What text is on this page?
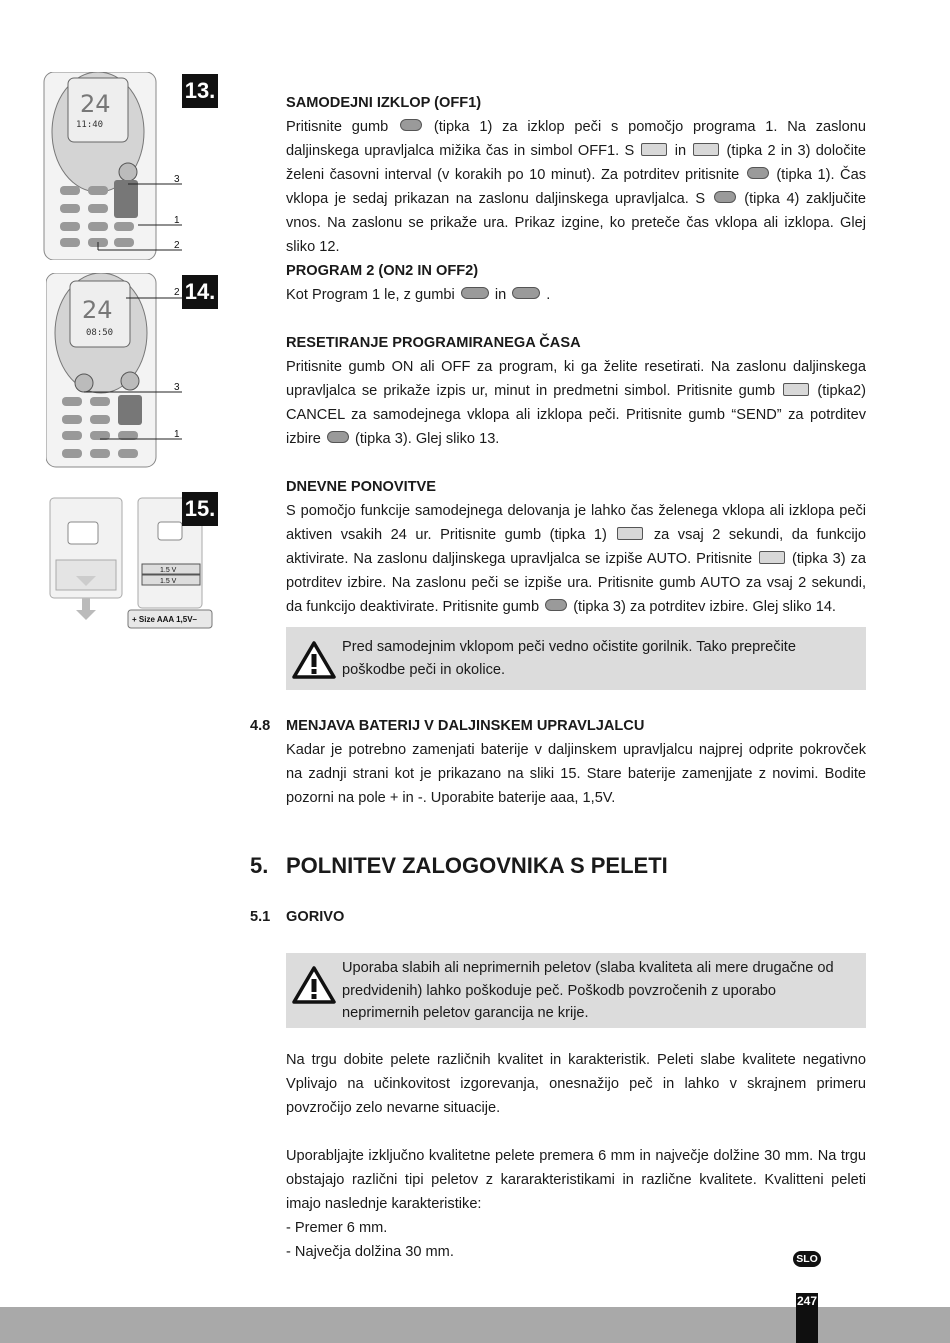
24
11:40
3
1
2
13.
24
08:50
2
3
1
14.
1.5 V
1.5 V
+ Size AAA 1,5V–
15.
SAMODEJNI IZKLOP (OFF1)
Pritisnite gumb  (tipka 1) za izklop peči s pomočjo programa 1. Na zaslonu daljinskega upravljalca mižika čas in simbol OFF1. S  in  (tipka 2 in 3) določite želeni časovni interval (v korakih po 10 minut). Za potrditev pritisnite  (tipka 1). Čas vklopa je sedaj prikazan na zaslonu daljinskega upravljalca. S  (tipka 4) zaključite vnos. Na zaslonu se prikaže ura. Prikaz izgine, ko preteče čas vklopa ali izklopa. Glej sliko 12.
PROGRAM 2 (ON2 IN OFF2)
Kot Program 1 le, z gumbi  in  .
RESETIRANJE PROGRAMIRANEGA ČASA
Pritisnite gumb ON ali OFF za program, ki ga želite resetirati. Na zaslonu daljinskega upravljalca se prikaže izpis ur, minut in predmetni simbol. Pritisnite gumb  (tipka2) CANCEL za samodejnega vklopa ali izklopa peči. Pritisnite gumb “SEND” za potrditev izbire  (tipka 3). Glej sliko 13.
DNEVNE PONOVITVE
S pomočjo funkcije samodejnega delovanja je lahko čas želenega vklopa ali izklopa peči aktiven vsakih 24 ur. Pritisnite gumb (tipka 1)  za vsaj 2 sekundi, da funkcijo aktivirate. Na zaslonu daljinskega upravljalca se izpiše AUTO. Pritisnite  (tipka 3) za potrditev izbire. Na zaslonu peči se izpiše ura. Pritisnite gumb AUTO za vsaj 2 sekundi, da funkcijo deaktivirate. Pritisnite gumb  (tipka 3) za potrditev izbire. Glej sliko 14.
Pred samodejnim vklopom peči vedno očistite gorilnik. Tako preprečite poškodbe peči in okolice.
4.8 MENJAVA BATERIJ V DALJINSKEM UPRAVLJALCU
Kadar je potrebno zamenjati baterije v daljinskem upravljalcu najprej odprite pokrovček na zadnji strani kot je prikazano na sliki 15. Stare baterije zamenjjate z novimi. Bodite pozorni na pole + in -. Uporabite baterije aaa, 1,5V.
5. POLNITEV ZALOGOVNIKA S PELETI
5.1 GORIVO
Uporaba slabih ali neprimernih peletov (slaba kvaliteta ali mere drugačne od predvidenih) lahko poškoduje peč. Poškodb povzročenih z uporabo neprimernih peletov garancija ne krije.
Na trgu dobite pelete različnih kvalitet in karakteristik. Peleti slabe kvalitete negativno Vplivajo na učinkovitost izgorevanja, onesnažijo peč in lahko v skrajnem primeru povzročijo zelo nevarne situacije.
Uporabljajte izključno kvalitetne pelete premera 6 mm in največje dolžine 30 mm. Na trgu obstajajo različni tipi peletov z kararakteristikami in različne kvalitete. Kvalitteni peleti imajo naslednje karakteristike:
- Premer 6 mm.
- Največja dolžina 30 mm.	SLO
247
